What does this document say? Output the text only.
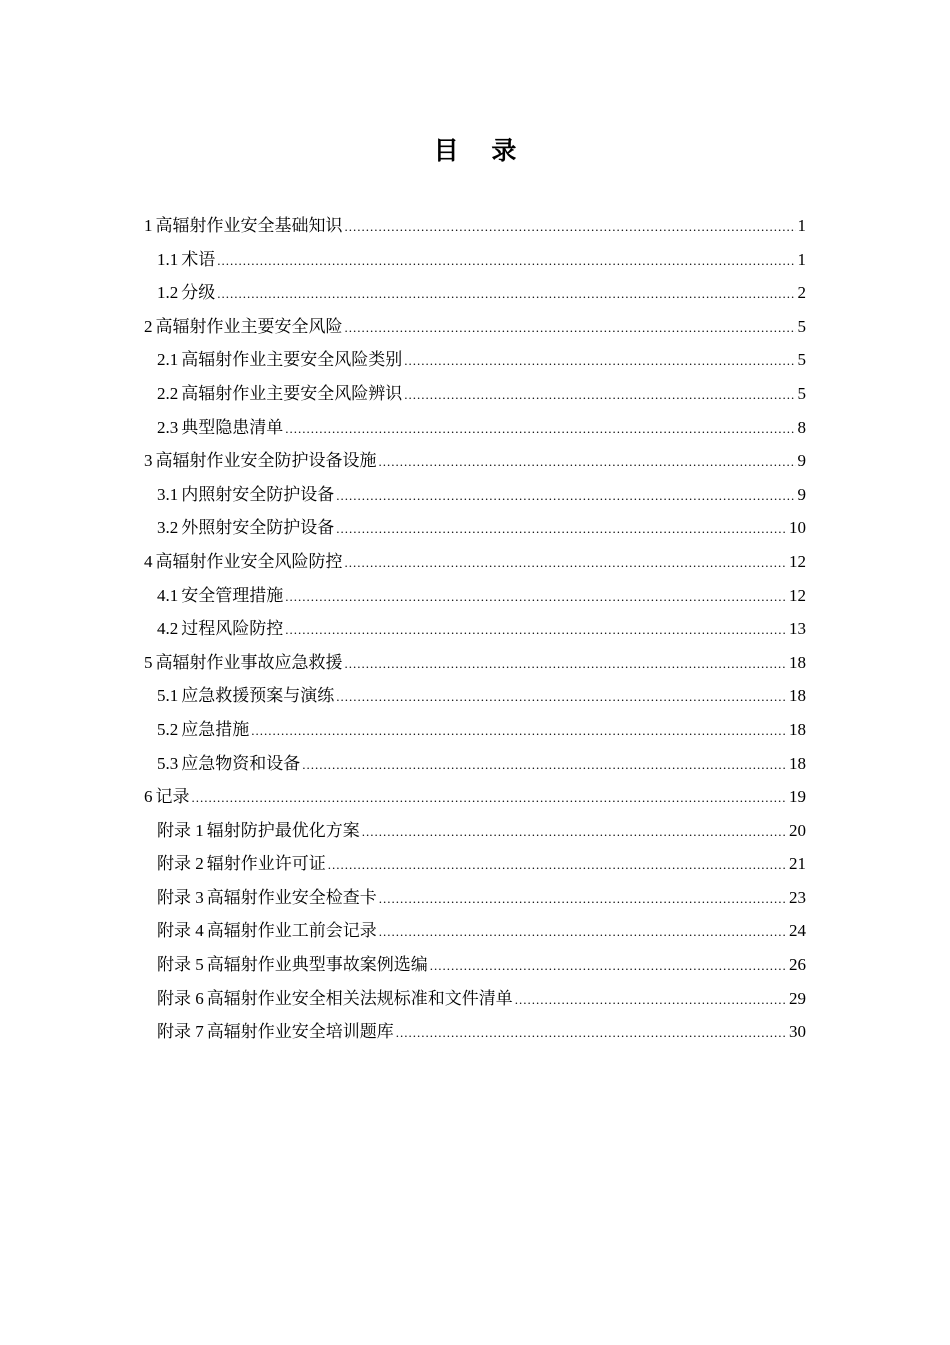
目 录
1 高辐射作业安全基础知识 .....	1
1.1 术语 .....	1
1.2 分级 .....	2
2 高辐射作业主要安全风险 .....	5
2.1 高辐射作业主要安全风险类别 .....	5
2.2 高辐射作业主要安全风险辨识 .....	5
2.3 典型隐患清单 .....	8
3 高辐射作业安全防护设备设施 .....	9
3.1 内照射安全防护设备 .....	9
3.2 外照射安全防护设备 .....	10
4 高辐射作业安全风险防控 .....	12
4.1 安全管理措施 .....	12
4.2 过程风险防控 .....	13
5 高辐射作业事故应急救援 .....	18
5.1 应急救援预案与演练 .....	18
5.2 应急措施 .....	18
5.3 应急物资和设备 .....	18
6 记录 .....	19
附录 1 辐射防护最优化方案 .....	20
附录 2 辐射作业许可证 .....	21
附录 3 高辐射作业安全检查卡 .....	23
附录 4 高辐射作业工前会记录 .....	24
附录 5 高辐射作业典型事故案例选编 .....	26
附录 6 高辐射作业安全相关法规标准和文件清单 .....	29
附录 7 高辐射作业安全培训题库 .....	30
